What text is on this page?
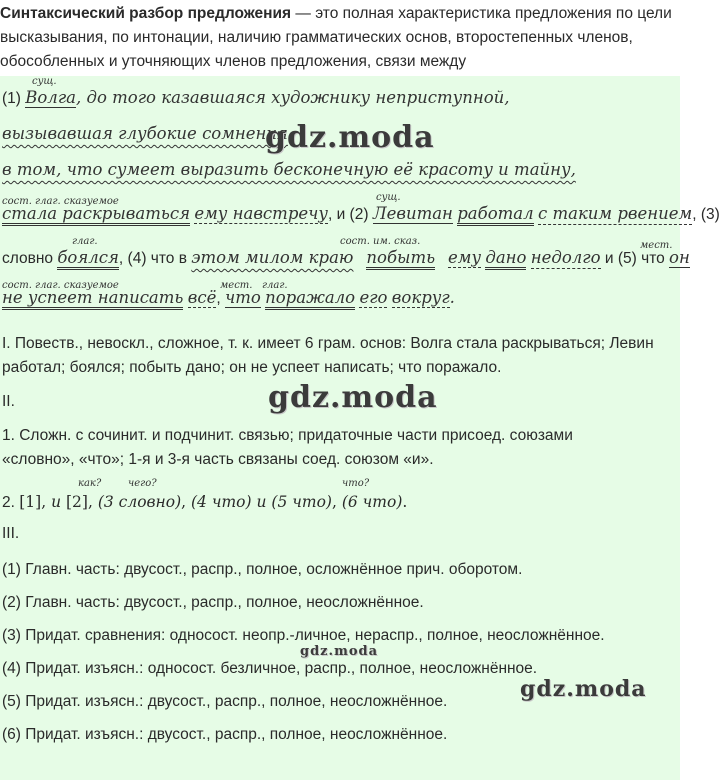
Синтаксический разбор предложения — это полная характеристика предложения по цели высказывания, по интонации, наличию грамматических основ, второстепенных членов, обособленных и уточняющих членов предложения, связи между
сущ.
(1) Волга, до того казавшаяся художнику неприступной,
вызывавшая глубокие сомнения
в том, что сумеет выразить бесконечную её красоту и тайну,
сост. глаг. сказуемое	сущ.
стала раскрываться ему навстречу, и (2) Левитан работал с таким рвением, (3)
глаг.	сост. им. сказ.	мест.
словно боялся, (4) что в этом милом краю побыть ему дано недолго и (5) что он
сост. глаг. сказуемое	мест. глаг.
не успеет написать всё, что поражало его вокруг.
I. Повеств., невоскл., сложное, т. к. имеет 6 грам. основ: Волга стала раскрываться; Левин
работал; боялся; побыть дано; он не успеет написать; что поражало.
II.
1. Сложн. с сочинит. и подчинит. связью; придаточные части присоед. союзами
«словно», «что»; 1-я и 3-я часть связаны соед. союзом «и».
как?	чего?	что?
2. [1], и [2], (3 словно), (4 что) и (5 что), (6 что).
III.
(1) Главн. часть: двусост., распр., полное, осложнённое прич. оборотом.
(2) Главн. часть: двусост., распр., полное, неосложнённое.
(3) Придат. сравнения: односост. неопр.-личное, нераспр., полное, неосложнённое.
(4) Придат. изъясн.: односост. безличное, распр., полное, неосложнённое.
(5) Придат. изъясн.: двусост., распр., полное, неосложнённое.
(6) Придат. изъясн.: двусост., распр., полное, неосложнённое.
gdz.moda
gdz.moda
gdz.moda
gdz.moda
